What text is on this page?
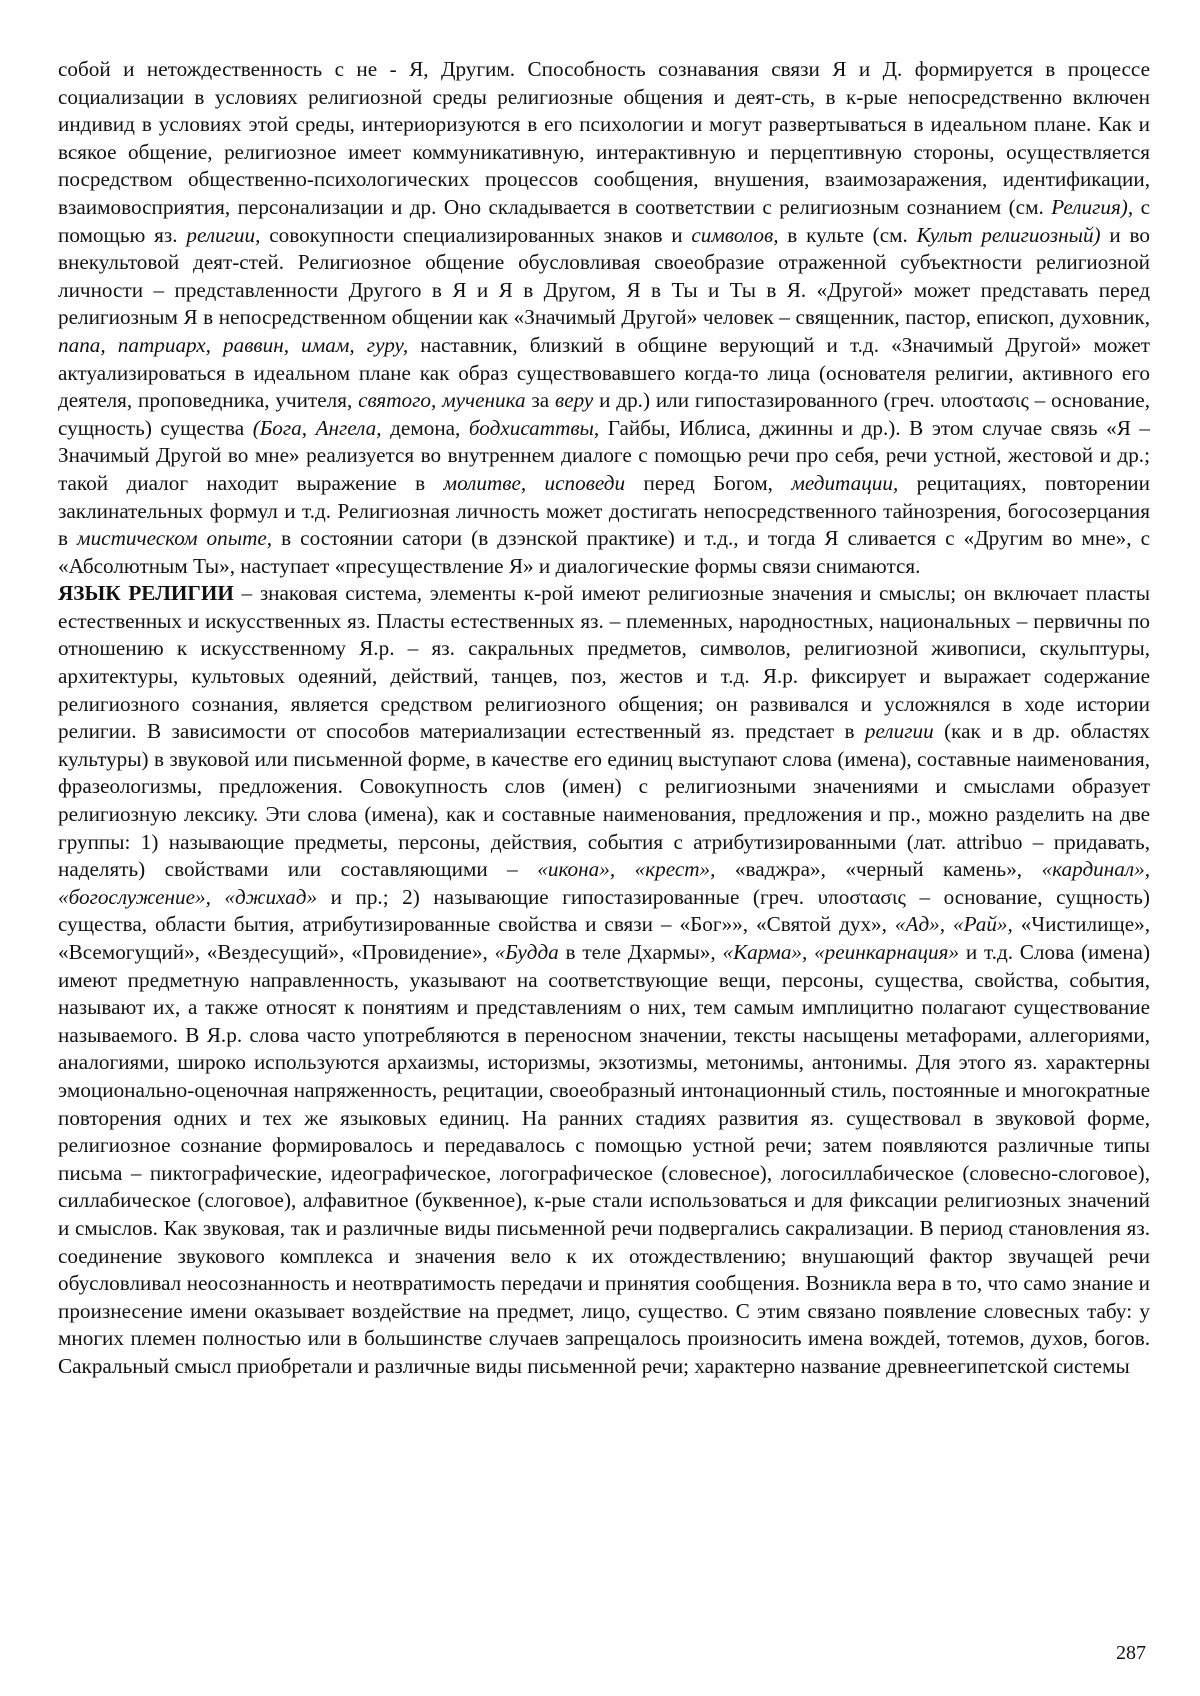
собой и нетождественность с не - Я, Другим. Способность сознавания связи Я и Д. формируется в процессе социализации в условиях религиозной среды религиозные общения и деят-сть, в к-рые непосредственно включен индивид в условиях этой среды, интериоризуются в его психологии и могут развертываться в идеальном плане. Как и всякое общение, религиозное имеет коммуникативную, интерактивную и перцептивную стороны, осуществляется посредством общественно-психологических процессов сообщения, внушения, взаимозаражения, идентификации, взаимовосприятия, персонализации и др. Оно складывается в соответствии с религиозным сознанием (см. Религия), с помощью яз. религии, совокупности специализированных знаков и символов, в культе (см. Культ религиозный) и во внекультовой деят-стей. Религиозное общение обусловливая своеобразие отраженной субъектности религиозной личности – представленности Другого в Я и Я в Другом, Я в Ты и Ты в Я. «Другой» может представать перед религиозным Я в непосредственном общении как «Значимый Другой» человек – священник, пастор, епископ, духовник, папа, патриарх, раввин, имам, гуру, наставник, близкий в общине верующий и т.д. «Значимый Другой» может актуализироваться в идеальном плане как образ существовавшего когда-то лица (основателя религии, активного его деятеля, проповедника, учителя, святого, мученика за веру и др.) или гипостазированного (греч. υποστασις – основание, сущность) существа (Бога, Ангела, демона, бодхисаттвы, Гайбы, Иблиса, джинны и др.). В этом случае связь «Я – Значимый Другой во мне» реализуется во внутреннем диалоге с помощью речи про себя, речи устной, жестовой и др.; такой диалог находит выражение в молитве, исповеди перед Богом, медитации, рецитациях, повторении заклинательных формул и т.д. Религиозная личность может достигать непосредственного тайнозрения, богосозерцания в мистическом опыте, в состоянии сатори (в дзэнской практике) и т.д., и тогда Я сливается с «Другим во мне», с «Абсолютным Ты», наступает «пресуществление Я» и диалогические формы связи снимаются.

ЯЗЫК РЕЛИГИИ – знаковая система, элементы к-рой имеют религиозные значения и смыслы; он включает пласты естественных и искусственных яз. Пласты естественных яз. – племенных, народностных, национальных – первичны по отношению к искусственному Я.р. – яз. сакральных предметов, символов, религиозной живописи, скульптуры, архитектуры, культовых одеяний, действий, танцев, поз, жестов и т.д. Я.р. фиксирует и выражает содержание религиозного сознания, является средством религиозного общения; он развивался и усложнялся в ходе истории религии. В зависимости от способов материализации естественный яз. предстает в религии (как и в др. областях культуры) в звуковой или письменной форме, в качестве его единиц выступают слова (имена), составные наименования, фразеологизмы, предложения. Совокупность слов (имен) с религиозными значениями и смыслами образует религиозную лексику. Эти слова (имена), как и составные наименования, предложения и пр., можно разделить на две группы: 1) называющие предметы, персоны, действия, события с атрибутизированными (лат. attribuo – придавать, наделять) свойствами или составляющими – «икона», «крест», «ваджра», «черный камень», «кардинал», «богослужение», «джихад» и пр.; 2) называющие гипостазированные (греч. υποστασις – основание, сущность) существа, области бытия, атрибутизированные свойства и связи – «Бог»», «Святой дух», «Ад», «Рай», «Чистилище», «Всемогущий», «Вездесущий», «Провидение», «Будда в теле Дхармы», «Карма», «реинкарнация» и т.д. Слова (имена) имеют предметную направленность, указывают на соответствующие вещи, персоны, существа, свойства, события, называют их, а также относят к понятиям и представлениям о них, тем самым имплицитно полагают существование называемого. В Я.р. слова часто употребляются в переносном значении, тексты насыщены метафорами, аллегориями, аналогиями, широко используются архаизмы, историзмы, экзотизмы, метонимы, антонимы. Для этого яз. характерны эмоционально-оценочная напряженность, рецитации, своеобразный интонационный стиль, постоянные и многократные повторения одних и тех же языковых единиц. На ранних стадиях развития яз. существовал в звуковой форме, религиозное сознание формировалось и передавалось с помощью устной речи; затем появляются различные типы письма – пиктографические, идеографическое, логографическое (словесное), логосиллабическое (словесно-слоговое), силлабическое (слоговое), алфавитное (буквенное), к-рые стали использоваться и для фиксации религиозных значений и смыслов. Как звуковая, так и различные виды письменной речи подвергались сакрализации. В период становления яз. соединение звукового комплекса и значения вело к их отождествлению; внушающий фактор звучащей речи обусловливал неосознанность и неотвратимость передачи и принятия сообщения. Возникла вера в то, что само знание и произнесение имени оказывает воздействие на предмет, лицо, существо. С этим связано появление словесных табу: у многих племен полностью или в большинстве случаев запрещалось произносить имена вождей, тотемов, духов, богов. Сакральный смысл приобретали и различные виды письменной речи; характерно название древнеегипетской системы

287
